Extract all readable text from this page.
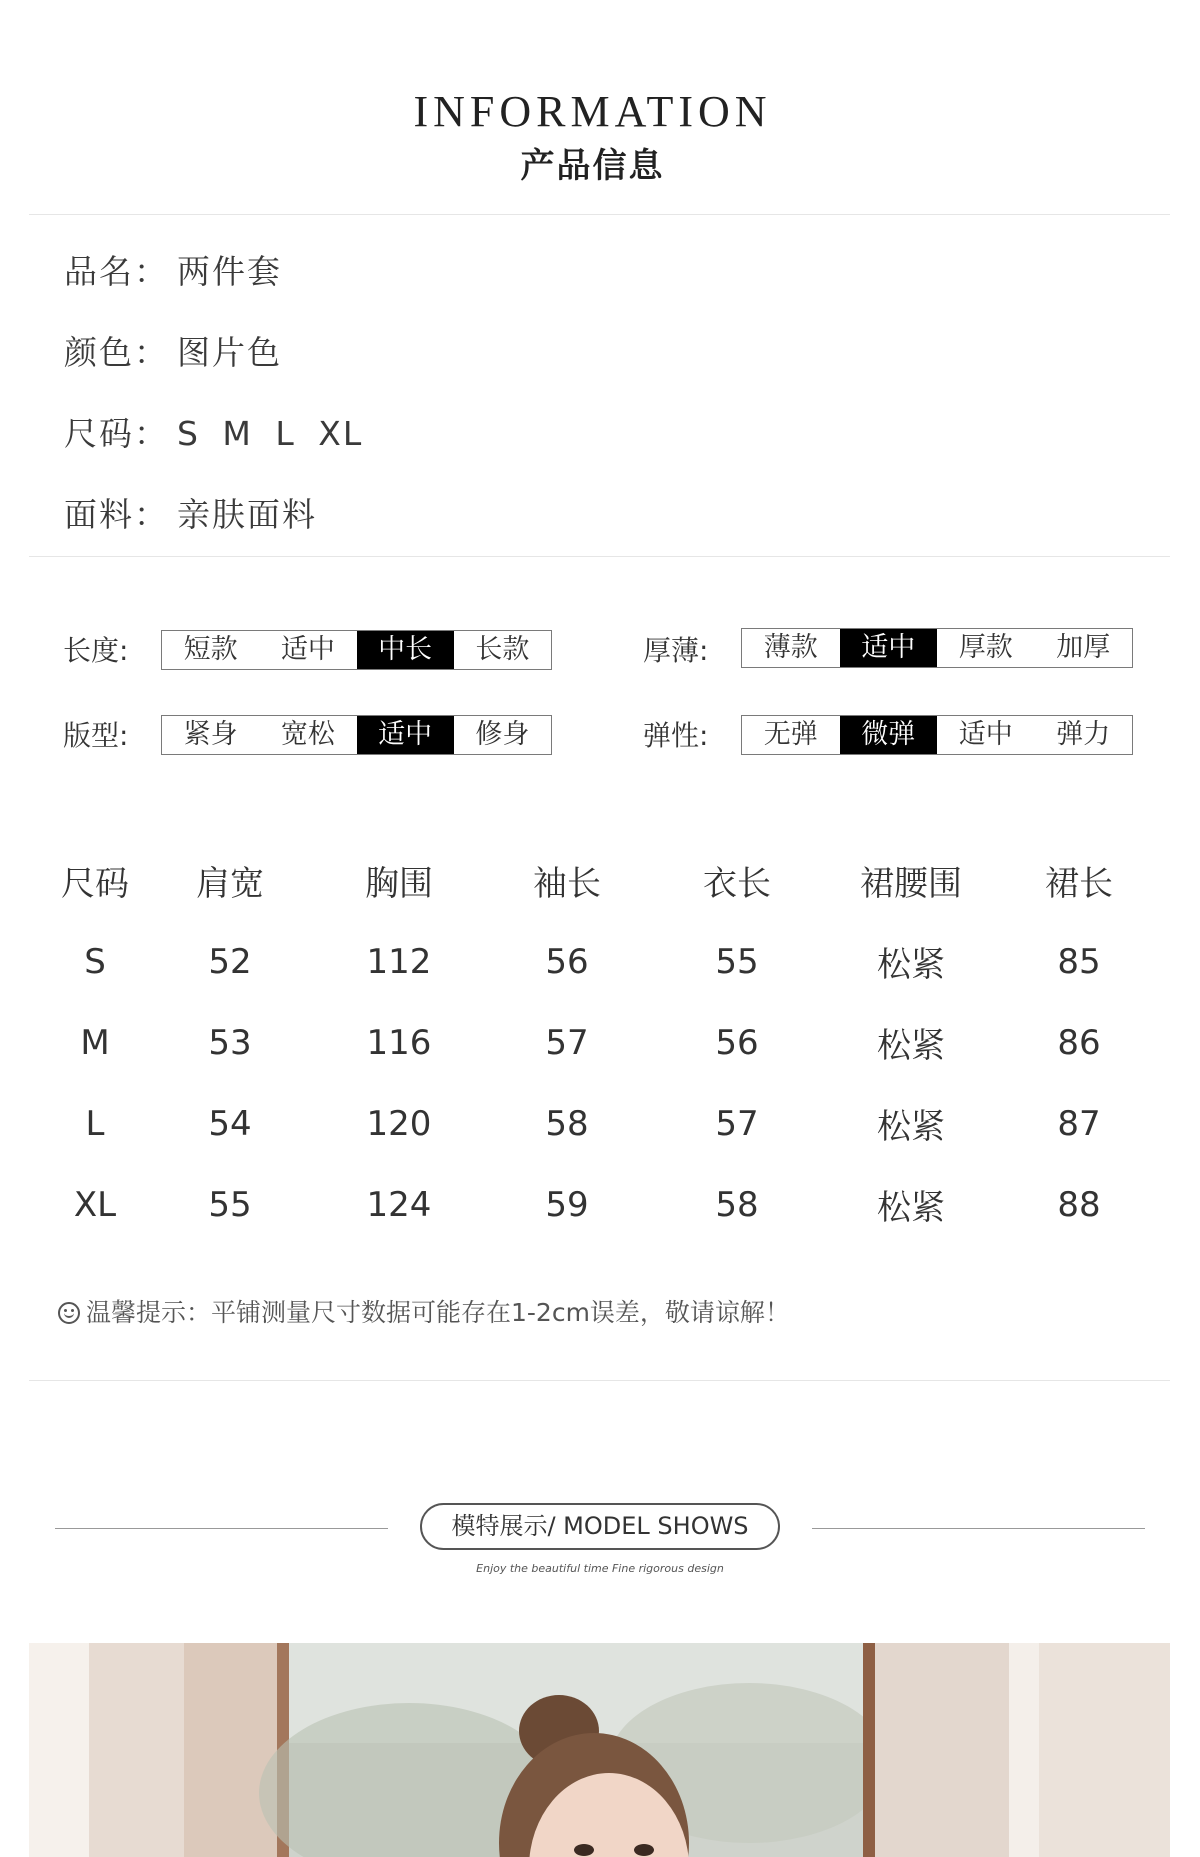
INFORMATION
产品信息
品名： 两件套
颜色： 图片色
尺码： S M L XL
面料： 亲肤面料
长度:	短款	适中	中长	长款	厚薄:	薄款	适中	厚款	加厚
版型:	紧身	宽松	适中	修身	弹性:	无弹	微弹	适中	弹力
尺码	肩宽	胸围	袖长	衣长	裙腰围	裙长
S	52	112	56	55	松紧	85
M	53	116	57	56	松紧	86
L	54	120	58	57	松紧	87
XL	55	124	59	58	松紧	88
温馨提示：平铺测量尺寸数据可能存在1-2cm误差，敬请谅解！
模特展示/ MODEL SHOWS
Enjoy the beautiful time Fine rigorous design
